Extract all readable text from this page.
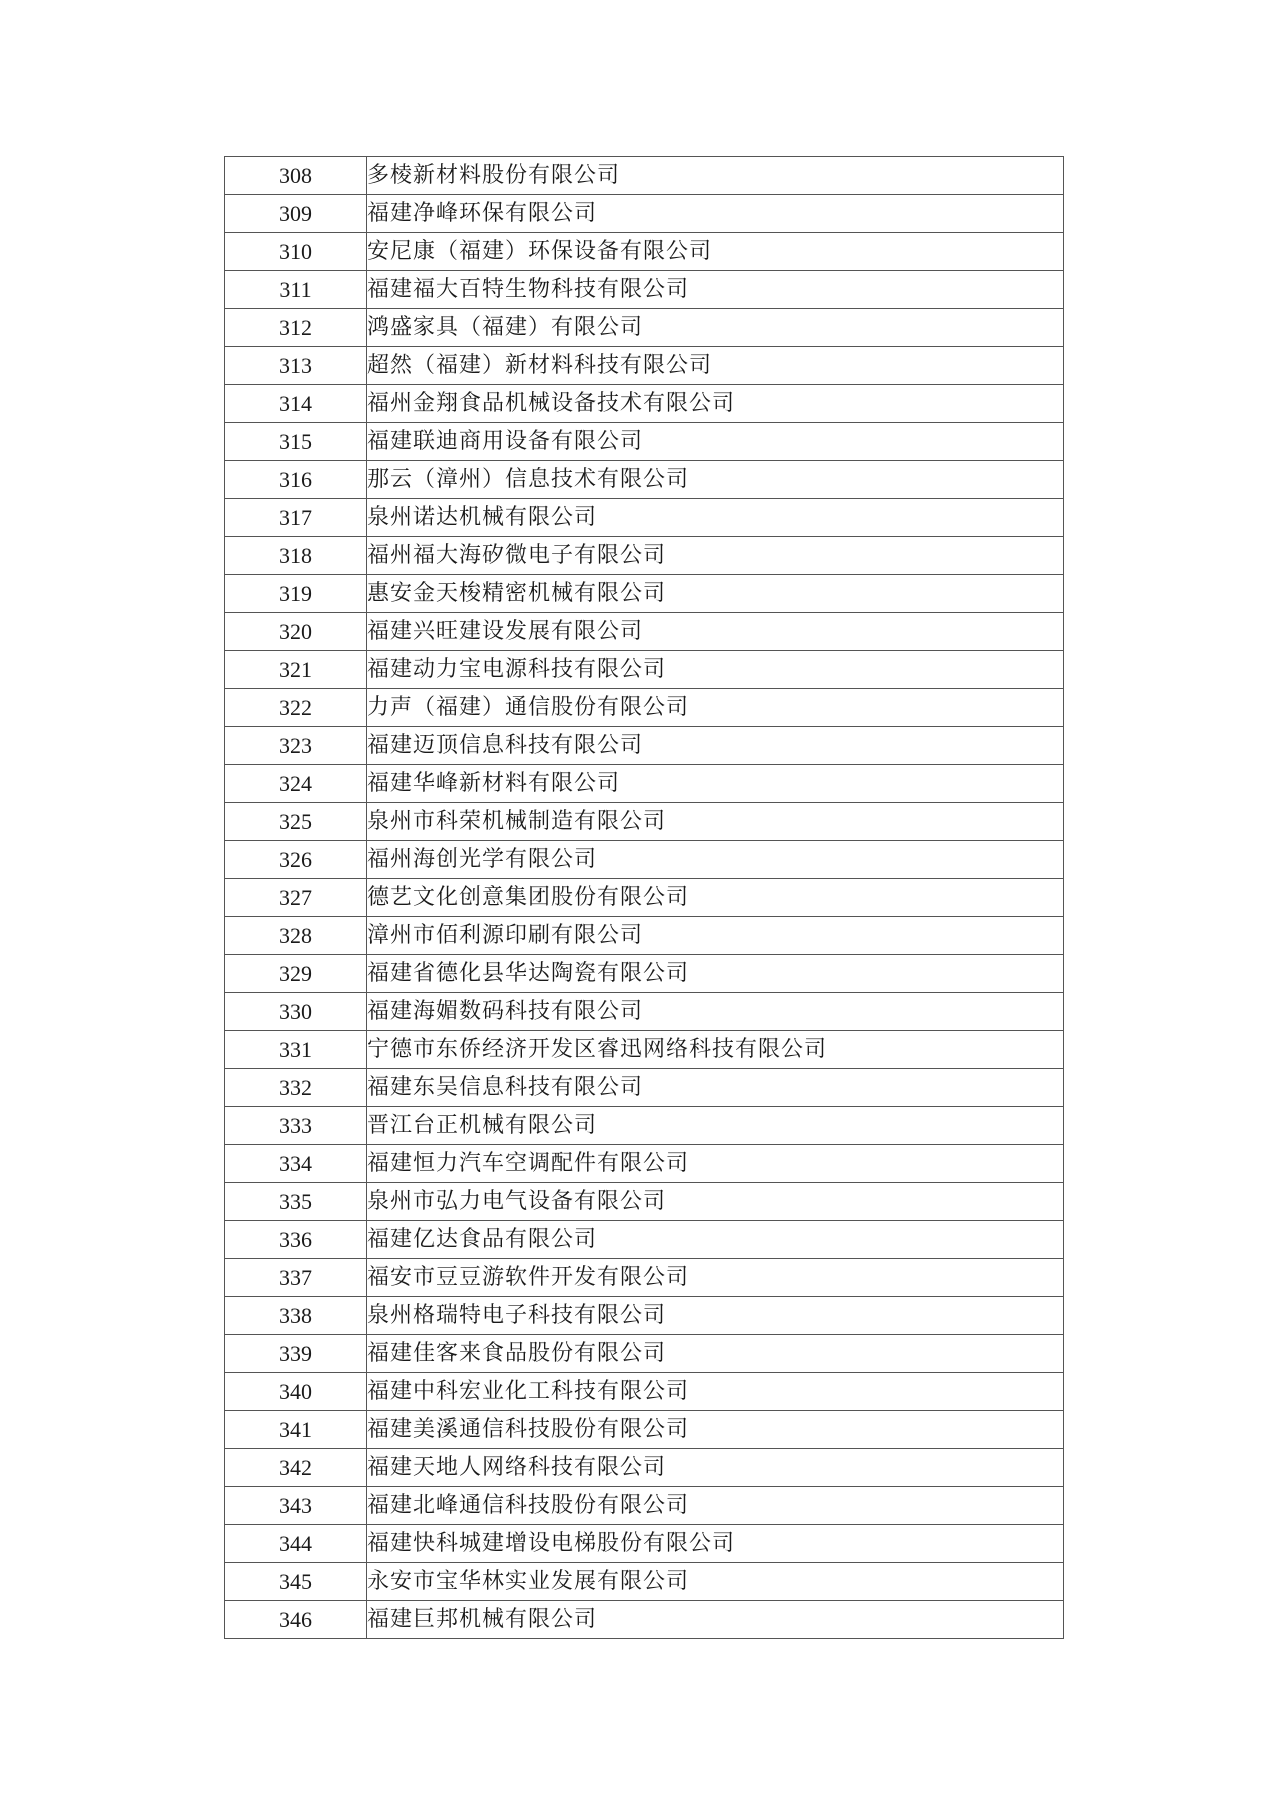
308	多棱新材料股份有限公司
309	福建净峰环保有限公司
310	安尼康（福建）环保设备有限公司
311	福建福大百特生物科技有限公司
312	鸿盛家具（福建）有限公司
313	超然（福建）新材料科技有限公司
314	福州金翔食品机械设备技术有限公司
315	福建联迪商用设备有限公司
316	那云（漳州）信息技术有限公司
317	泉州诺达机械有限公司
318	福州福大海矽微电子有限公司
319	惠安金天梭精密机械有限公司
320	福建兴旺建设发展有限公司
321	福建动力宝电源科技有限公司
322	力声（福建）通信股份有限公司
323	福建迈顶信息科技有限公司
324	福建华峰新材料有限公司
325	泉州市科荣机械制造有限公司
326	福州海创光学有限公司
327	德艺文化创意集团股份有限公司
328	漳州市佰利源印刷有限公司
329	福建省德化县华达陶瓷有限公司
330	福建海媚数码科技有限公司
331	宁德市东侨经济开发区睿迅网络科技有限公司
332	福建东吴信息科技有限公司
333	晋江台正机械有限公司
334	福建恒力汽车空调配件有限公司
335	泉州市弘力电气设备有限公司
336	福建亿达食品有限公司
337	福安市豆豆游软件开发有限公司
338	泉州格瑞特电子科技有限公司
339	福建佳客来食品股份有限公司
340	福建中科宏业化工科技有限公司
341	福建美溪通信科技股份有限公司
342	福建天地人网络科技有限公司
343	福建北峰通信科技股份有限公司
344	福建快科城建增设电梯股份有限公司
345	永安市宝华林实业发展有限公司
346	福建巨邦机械有限公司
